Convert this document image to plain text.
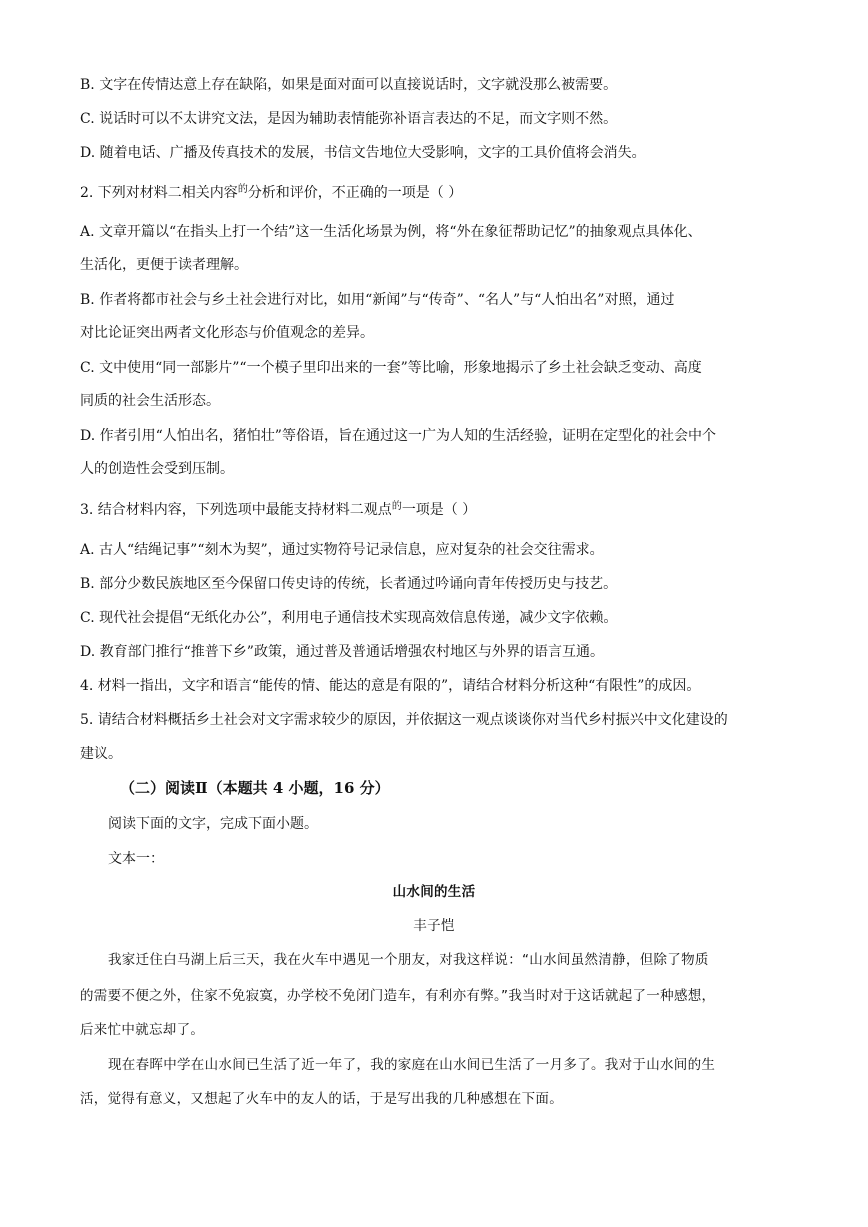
B. 文字在传情达意上存在缺陷，如果是面对面可以直接说话时，文字就没那么被需要。
C. 说话时可以不太讲究文法，是因为辅助表情能弥补语言表达的不足，而文字则不然。
D. 随着电话、广播及传真技术的发展，书信文告地位大受影响，文字的工具价值将会消失。
2. 下列对材料二相关内容$^的$分析和评价，不正确的一项是（ ）
A. 文章开篇以“在指头上打一个结”这一生活化场景为例，将“外在象征帮助记忆”的抽象观点具体化、
生活化，更便于读者理解。
B. 作者将都市社会与乡土社会进行对比，如用“新闻”与“传奇”、“名人”与“人怕出名”对照，通过
对比论证突出两者文化形态与价值观念的差异。
C. 文中使用“同一部影片”“一个模子里印出来的一套”等比喻，形象地揭示了乡土社会缺乏变动、高度
同质的社会生活形态。
D. 作者引用“人怕出名，猪怕壮”等俗语，旨在通过这一广为人知的生活经验，证明在定型化的社会中个
人的创造性会受到压制。
3. 结合材料内容，下列选项中最能支持材料二观点$^的$一项是（ ）
A. 古人“结绳记事”“刻木为契”，通过实物符号记录信息，应对复杂的社会交往需求。
B. 部分少数民族地区至今保留口传史诗的传统，长者通过吟诵向青年传授历史与技艺。
C. 现代社会提倡“无纸化办公”，利用电子通信技术实现高效信息传递，减少文字依赖。
D. 教育部门推行“推普下乡”政策，通过普及普通话增强农村地区与外界的语言互通。
4. 材料一指出，文字和语言“能传的情、能达的意是有限的”，请结合材料分析这种“有限性”的成因。
5. 请结合材料概括乡土社会对文字需求较少的原因，并依据这一观点谈谈你对当代乡村振兴中文化建设的
建议。
（二）阅读Ⅱ（本题共 4 小题，16 分）
阅读下面的文字，完成下面小题。
文本一：
山水间的生活
丰子恺
我家迁住白马湖上后三天，我在火车中遇见一个朋友，对我这样说：“山水间虽然清静，但除了物质
的需要不便之外，住家不免寂寞，办学校不免闭门造车，有利亦有弊。”我当时对于这话就起了一种感想，
后来忙中就忘却了。
现在春晖中学在山水间已生活了近一年了，我的家庭在山水间已生活了一月多了。我对于山水间的生
活，觉得有意义，又想起了火车中的友人的话，于是写出我的几种感想在下面。
